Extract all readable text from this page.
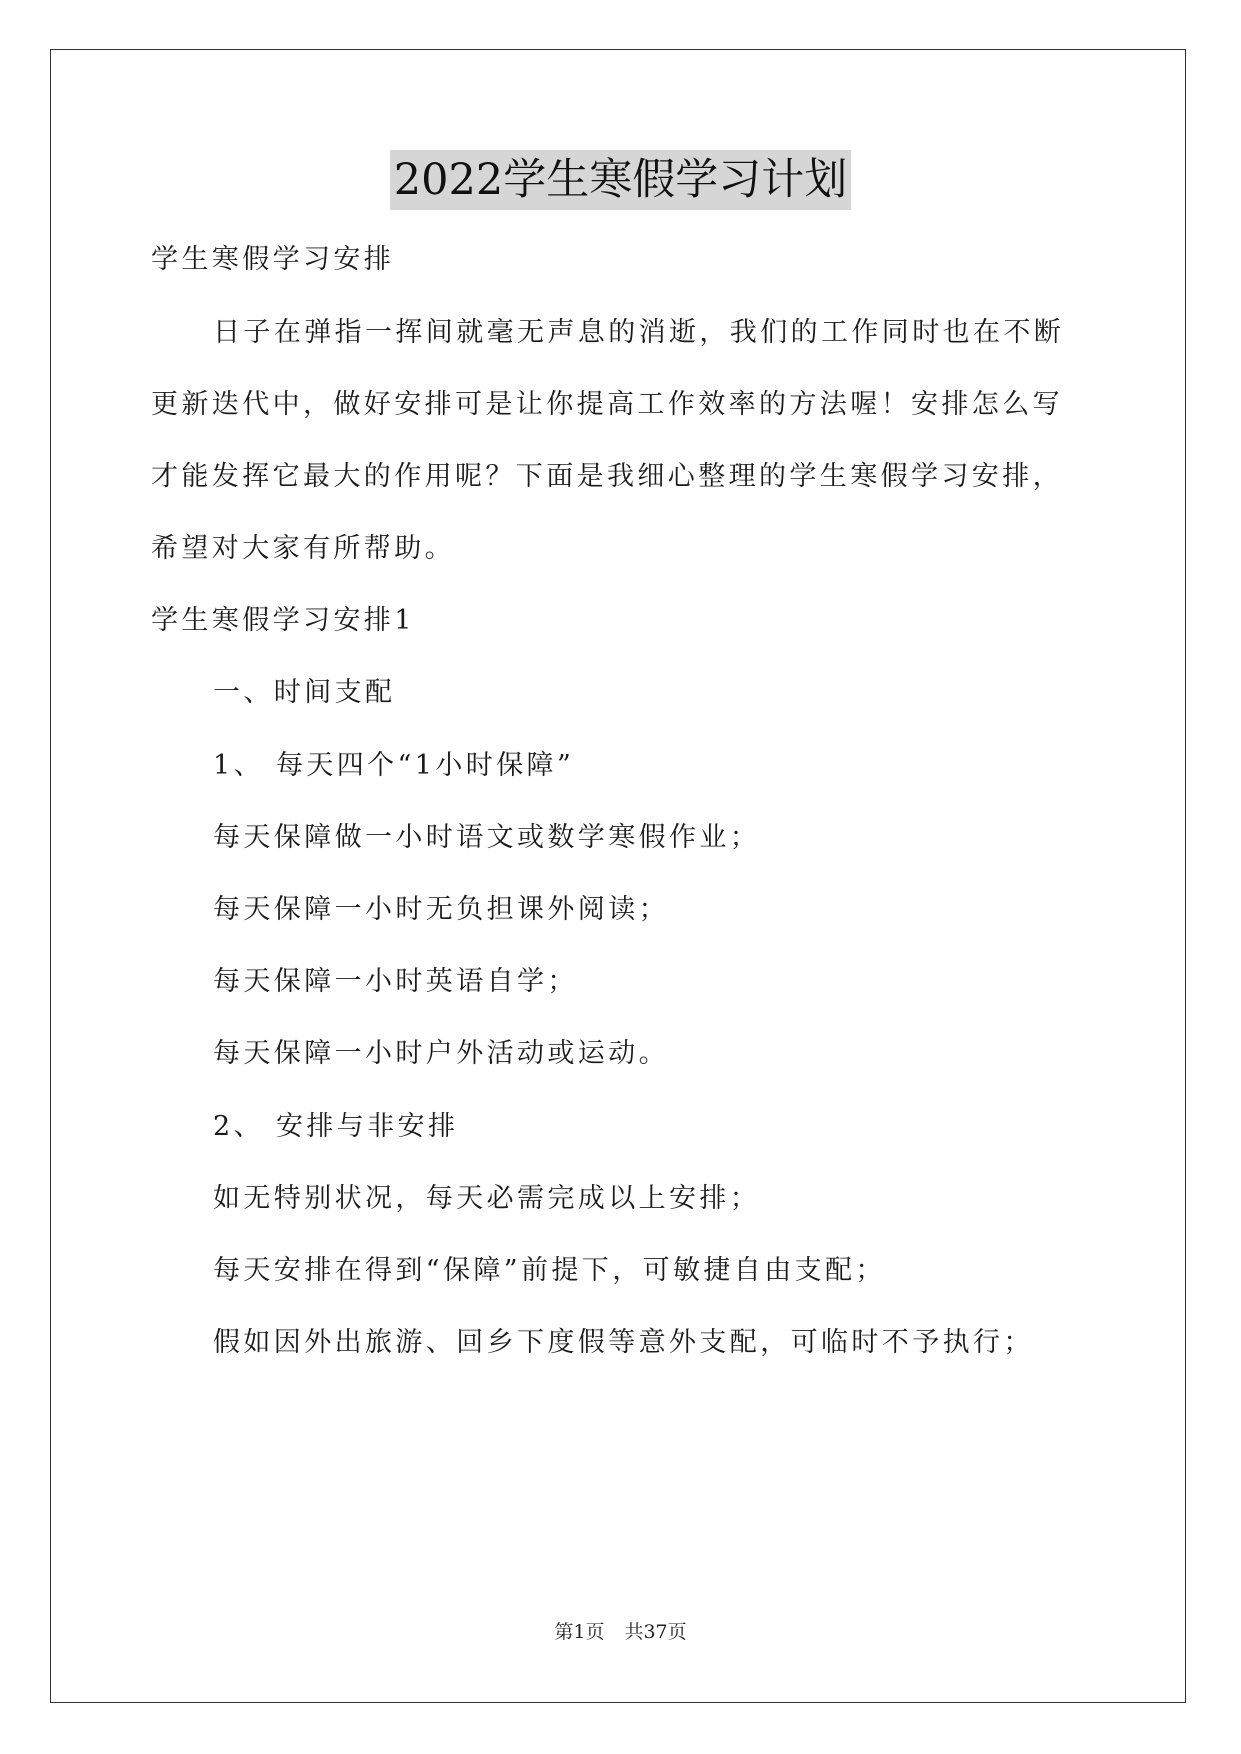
2022学生寒假学习计划

学生寒假学习安排

日子在弹指一挥间就毫无声息的消逝，我们的工作同时也在不断

更新迭代中，做好安排可是让你提高工作效率的方法喔！安排怎么写

才能发挥它最大的作用呢？下面是我细心整理的学生寒假学习安排，

希望对大家有所帮助。

学生寒假学习安排1

一、时间支配

1、 每天四个“1小时保障”

每天保障做一小时语文或数学寒假作业；

每天保障一小时无负担课外阅读；

每天保障一小时英语自学；

每天保障一小时户外活动或运动。

2、 安排与非安排

如无特别状况，每天必需完成以上安排；

每天安排在得到“保障”前提下，可敏捷自由支配；

假如因外出旅游、回乡下度假等意外支配，可临时不予执行；

第1页 共37页
